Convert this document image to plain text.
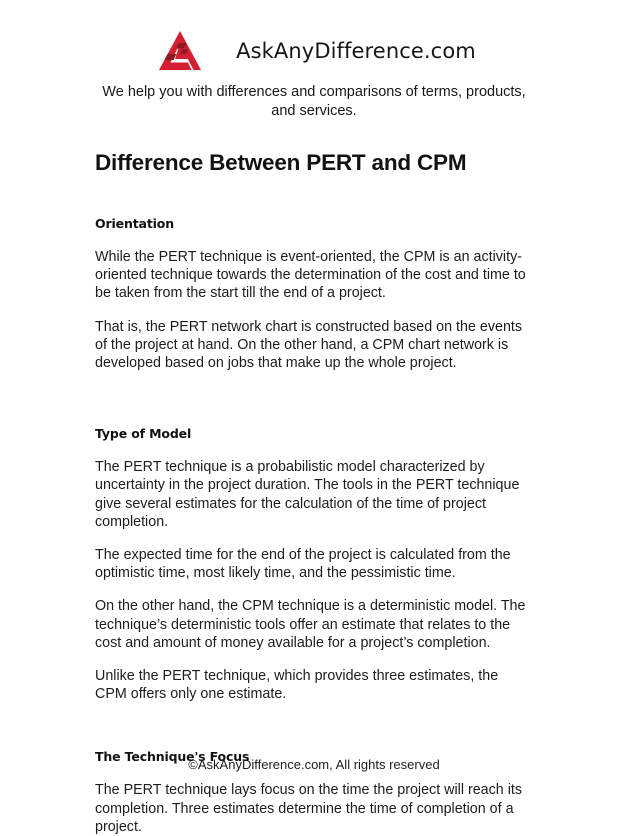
AskAnyDifference.com
We help you with differences and comparisons of terms, products, and services.
Difference Between PERT and CPM
Orientation

While the PERT technique is event-oriented, the CPM is an activity-oriented technique towards the determination of the cost and time to be taken from the start till the end of a project.

That is, the PERT network chart is constructed based on the events of the project at hand. On the other hand, a CPM chart network is developed based on jobs that make up the whole project.

Type of Model

The PERT technique is a probabilistic model characterized by uncertainty in the project duration. The tools in the PERT technique give several estimates for the calculation of the time of project completion.

The expected time for the end of the project is calculated from the optimistic time, most likely time, and the pessimistic time.

On the other hand, the CPM technique is a deterministic model. The technique’s deterministic tools offer an estimate that relates to the cost and amount of money available for a project’s completion.

Unlike the PERT technique, which provides three estimates, the CPM offers only one estimate.

The Technique's Focus

The PERT technique lays focus on the time the project will reach its completion. Three estimates determine the time of completion of a project.

©AskAnyDifference.com, All rights reserved
